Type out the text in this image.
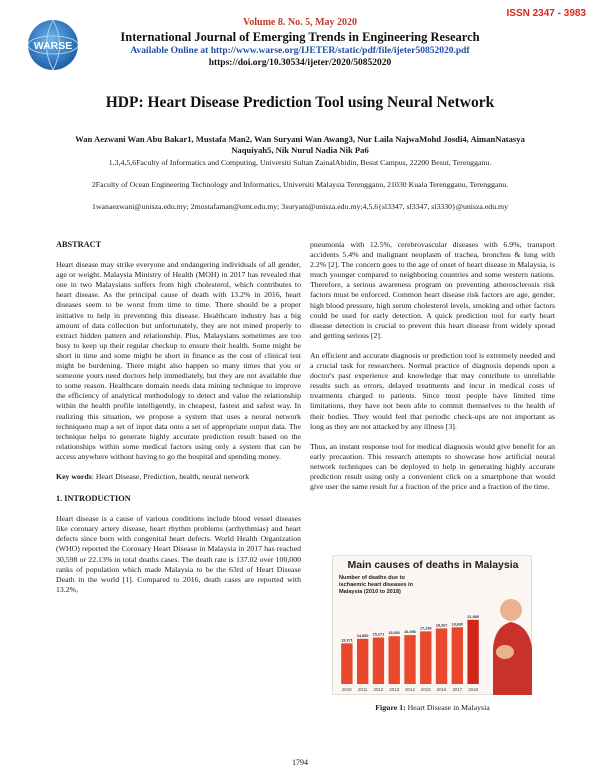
ISSN 2347 - 3983
WARSE
Volume 8. No. 5, May 2020
International Journal of Emerging Trends in Engineering Research
Available Online at http://www.warse.org/IJETER/static/pdf/file/ijeter50852020.pdf
https://doi.org/10.30534/ijeter/2020/50852020
HDP: Heart Disease Prediction Tool using Neural Network
Wan Aezwani Wan Abu Bakar1, Mustafa Man2, Wan Suryani Wan Awang3, Nur Laila NajwaMohd Josdi4, AimanNatasya Naquiyah5, Nik Nurul Nadia Nik Pa6
1,3,4,5,6Faculty of Informatics and Computing, Universiti Sultan ZainalAbidin, Besut Campus, 22200 Besut, Terengganu.
2Faculty of Ocean Engineering Technology and Informatics, Universiti Malaysia Terengganu, 21030 Kuala Terengganu, Terengganu.
1wanaezwani@unisza.edu.my; 2mustafaman@umt.edu.my; 3suryani@unisza.edu.my;4,5,6{sl3347, sl3347, sl3330}@unisza.edu.my
ABSTRACT
Heart disease may strike everyone and endangering individuals of all gender, age or weight. Malaysia Ministry of Health (MOH) in 2017 has revealed that one in two Malaysians suffers from high cholesterol, which contributes to heart disease. As the principal cause of death with 13.2% in 2016, heart diseases seem to be worst from time to time. There should be a proper initiative to help in preventing this disease. Healthcare industry has a big amount of data collection but unfortunately, they are not mined properly to extract hidden pattern and relationship. Plus, Malaysians sometimes are too busy to keep up their regular checkup to ensure their health. Some might be short in time and some might be short in finance as the cost of clinical test might be burdening. There might also happen so many times that you or someone yours need doctors help immediately, but they are not available due to some reason. Healthcare domain needs data mining technique to improve the efficiency of analytical methodology to detect and value the relationship within the health profile intelligently, in cheapest, fastest and safest way. In realizing this situation, we propose a system that uses a neural network techniqueto map a set of input data onto a set of appropriate output data. The technique helps to generate highly accurate prediction result based on the relationships within some medical factors using only a system that can be access anywhere without having to go the hospital and spending money.
Key words: Heart Disease, Prediction, health, neural network
1. INTRODUCTION
Heart disease is a cause of various conditions include blood vessel diseases like coronary artery disease, heart rhythm problems (arrhythmias) and heart defects since born with congenital heart defects. World Health Organization (WHO) reported the Coronary Heart Disease in Malaysia in 2017 has reached 30,598 or 22.13% in total deaths cases. The death rate is 137.02 over 100,000 ranks of population which made Malaysia to be the 63rd of Heart Disease Death in the world [1]. Compared to 2016, death cases are reported with 13.2%,
pneumonia with 12.5%, cerebrovascular diseases with 6.9%, transport accidents 5.4% and malignant neoplasm of trachea, bronchus & lung with 2.2% [2]. The concern goes to the age of onset of heart disease in Malaysia, is much younger compared to neighboring countries and some western nations. Therefore, a serious awareness program on preventing atherosclerosis risk factors must be enforced. Common heart disease risk factors are age, gender, high blood pressure, high serum cholesterol levels, smoking and other factors could be used for early detection. A quick prediction tool for early heart disease detection is crucial to prevent this heart disease from widely spread and getting serious [2].
An efficient and accurate diagnosis or prediction tool is extremely needed and a crucial task for researchers. Normal practice of diagnosis depends upon a doctor's past experience and knowledge that may contribute to unreliable results such as errors, delayed treatments and incur in medical costs of treatments charged to patients. Since most people have limited time limitations, they have not been able to commit themselves to the health of their bodies. They would feel that periodic check-ups are not important as long as they are not attacked by any illness [3].
Thus, an instant response tool for medical diagnosis would give benefit for an early precaution. This research attempts to showcase how artificial neural network techniques can be deployed to help in generating highly accurate prediction result using only a convenient click on a smartphone that would give user the same result for a fraction of the price and a fraction of the time.
Main causes of deaths in Malaysia
Number of deaths due to ischaemic heart diseases in Malaysia (2010 to 2018)
13,371
2010
14,850
2011
15,271
2012
15,692
2013
16,056
2014
17,296
2015
18,267
2016
18,630
2017
21,085
2018
Figure 1: Heart Disease in Malaysia
1794
